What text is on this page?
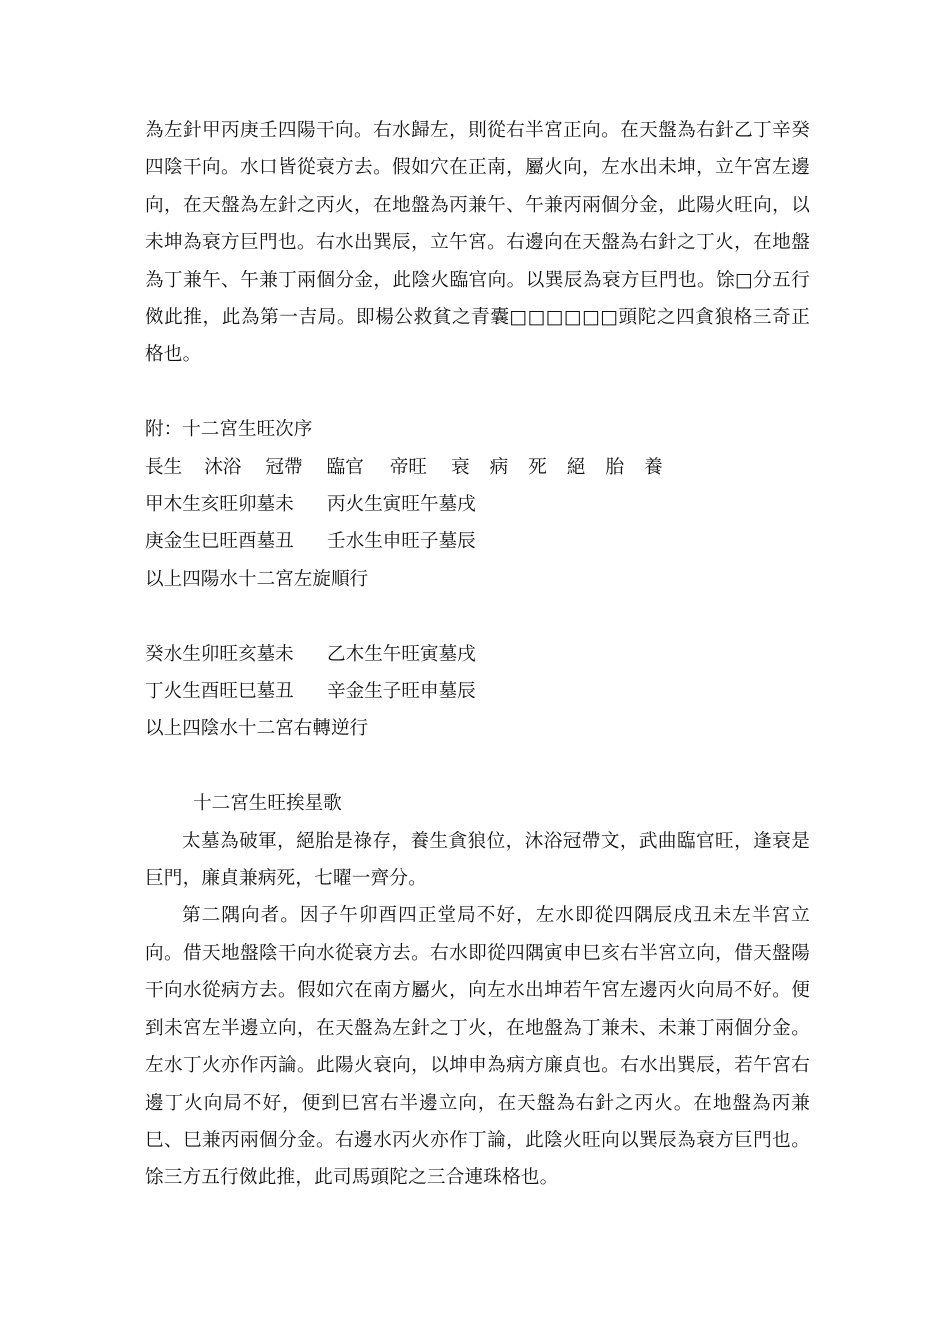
為左針甲丙庚壬四陽干向。右水歸左，則從右半宮正向。在天盤為右針乙丁辛癸四陰干向。水口皆從衰方去。假如穴在正南，屬火向，左水出未坤，立午宮左邊向，在天盤為左針之丙火，在地盤為丙兼午、午兼丙兩個分金，此陽火旺向，以未坤為衰方巨門也。右水出巽辰，立午宮。右邊向在天盤為右針之丁火，在地盤為丁兼午、午兼丁兩個分金，此陰火臨官向。以巽辰為衰方巨門也。馀□分五行傚此推，此為第一吉局。即楊公救貧之青囊□□□□□□頭陀之四貪狼格三奇正格也。

附：十二宮生旺次序

長生 沐浴 冠帶 臨官 帝旺 衰 病 死 絕 胎 養
甲木生亥旺卯墓未	丙火生寅旺午墓戌
庚金生巳旺酉墓丑	壬水生申旺子墓辰

以上四陽水十二宮左旋順行

癸水生卯旺亥墓未	乙木生午旺寅墓戌
丁火生酉旺巳墓丑	辛金生子旺申墓辰

以上四陰水十二宮右轉逆行

十二宮生旺挨星歌

太墓為破軍，絕胎是祿存，養生貪狼位，沐浴冠帶文，武曲臨官旺，逢衰是巨門，廉貞兼病死，七曜一齊分。

第二隅向者。因子午卯酉四正堂局不好，左水即從四隅辰戌丑未左半宮立向。借天地盤陰干向水從衰方去。右水即從四隅寅申巳亥右半宮立向，借天盤陽干向水從病方去。假如穴在南方屬火，向左水出坤若午宮左邊丙火向局不好。便到未宮左半邊立向，在天盤為左針之丁火，在地盤為丁兼未、未兼丁兩個分金。左水丁火亦作丙論。此陽火衰向，以坤申為病方廉貞也。右水出巽辰，若午宮右邊丁火向局不好，便到巳宮右半邊立向，在天盤為右針之丙火。在地盤為丙兼巳、巳兼丙兩個分金。右邊水丙火亦作丁論，此陰火旺向以巽辰為衰方巨門也。馀三方五行傚此推，此司馬頭陀之三合連珠格也。
